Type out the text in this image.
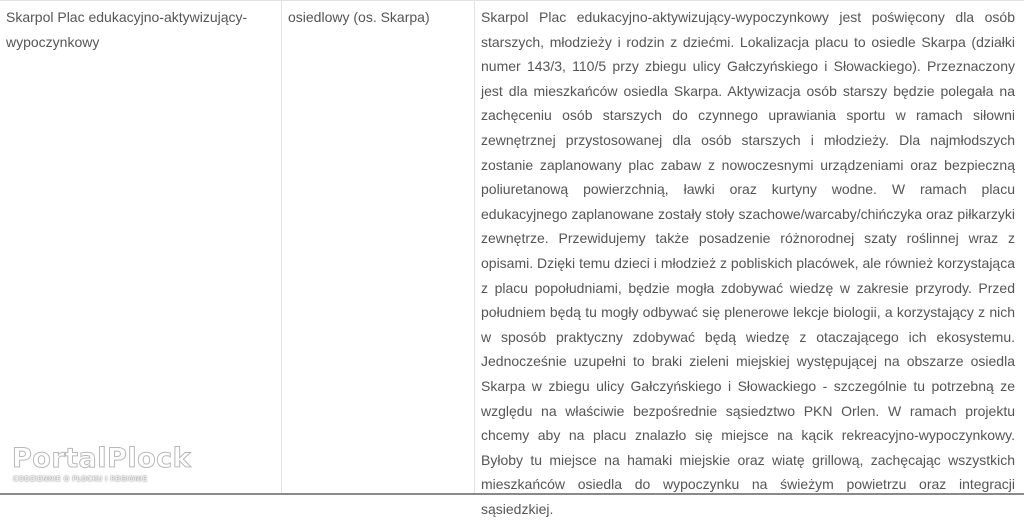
Skarpol Plac edukacyjno-aktywizujący-wypoczynkowy
osiedlowy (os. Skarpa)	Skarpol Plac edukacyjno-aktywizujący-wypoczynkowy jest poświęcony dla osób starszych, młodzieży i rodzin z dziećmi. Lokalizacja placu to osiedle Skarpa (działki numer 143/3, 110/5 przy zbiegu ulicy Gałczyńskiego i Słowackiego). Przeznaczony jest dla mieszkańców osiedla Skarpa. Aktywizacja osób starszy będzie polegała na zachęceniu osób starszych do czynnego uprawiania sportu w ramach siłowni zewnętrznej przystosowanej dla osób starszych i młodzieży. Dla najmłodszych zostanie zaplanowany plac zabaw z nowoczesnymi urządzeniami oraz bezpieczną poliuretanową powierzchnią, ławki oraz kurtyny wodne. W ramach placu edukacyjnego zaplanowane zostały stoły szachowe/warcaby/chińczyka oraz piłkarzyki zewnętrze. Przewidujemy także posadzenie różnorodnej szaty roślinnej wraz z opisami. Dzięki temu dzieci i młodzież z pobliskich placówek, ale również korzystająca z placu popołudniami, będzie mogła zdobywać wiedzę w zakresie przyrody. Przed południem będą tu mogły odbywać się plenerowe lekcje biologii, a korzystający z nich w sposób praktyczny zdobywać będą wiedzę z otaczającego ich ekosystemu. Jednocześnie uzupełni to braki zieleni miejskiej występującej na obszarze osiedla Skarpa w zbiegu ulicy Gałczyńskiego i Słowackiego - szczególnie tu potrzebną ze względu na właściwie bezpośrednie sąsiedztwo PKN Orlen. W ramach projektu chcemy aby na placu znalazło się miejsce na kącik rekreacyjno-wypoczynkowy. Byłoby tu miejsce na hamaki miejskie oraz wiatę grillową, zachęcając wszystkich mieszkańców osiedla do wypoczynku na świeżym powietrzu oraz integracji sąsiedzkiej.
PortalPlock
CODZIENNIE O PŁOCKU I REGIONIE
